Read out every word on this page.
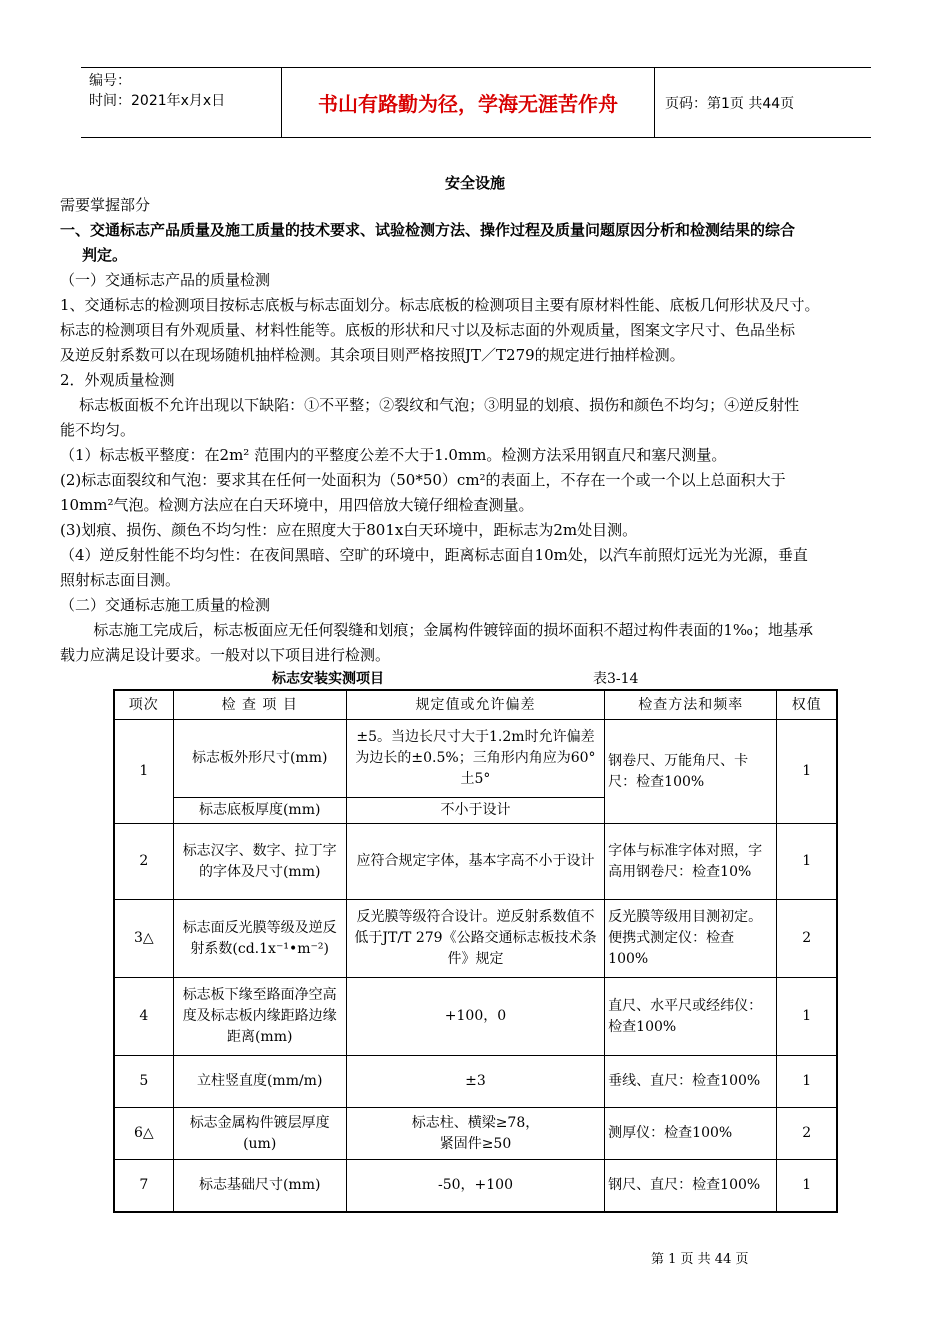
编号：
时间：2021年x月x日	书山有路勤为径，学海无涯苦作舟	页码：第1页 共44页
安全设施

需要掌握部分

一、交通标志产品质量及施工质量的技术要求、试验检测方法、操作过程及质量问题原因分析和检测结果的综合

判定。

（一）交通标志产品的质量检测

1、交通标志的检测项目按标志底板与标志面划分。标志底板的检测项目主要有原材料性能、底板几何形状及尺寸。

标志的检测项目有外观质量、材料性能等。底板的形状和尺寸以及标志面的外观质量，图案文字尺寸、色品坐标

及逆反射系数可以在现场随机抽样检测。其余项目则严格按照JT／T279的规定进行抽样检测。

2．外观质量检测

标志板面板不允许出现以下缺陷：①不平整；②裂纹和气泡；③明显的划痕、损伤和颜色不均匀；④逆反射性

能不均匀。

（1）标志板平整度：在2m² 范围内的平整度公差不大于1.0mm。检测方法采用钢直尺和塞尺测量。

(2)标志面裂纹和气泡：要求其在任何一处面积为（50*50）cm²的表面上，不存在一个或一个以上总面积大于

10mm²气泡。检测方法应在白天环境中，用四倍放大镜仔细检查测量。

(3)划痕、损伤、颜色不均匀性：应在照度大于801x白天环境中，距标志为2m处目测。

（4）逆反射性能不均匀性：在夜间黑暗、空旷的环境中，距离标志面自10m处，以汽车前照灯远光为光源，垂直

照射标志面目测。

（二）交通标志施工质量的检测

标志施工完成后，标志板面应无任何裂缝和划痕；金属构件镀锌面的损坏面积不超过构件表面的1‰；地基承

载力应满足设计要求。一般对以下项目进行检测。

标志安装实测项目	表3-14
项次	检 查 项 目	规定值或允许偏差	检查方法和频率	权值
1	标志板外形尺寸(mm)	±5。当边长尺寸大于1.2m时允许偏差为边长的±0.5%；三角形内角应为60° 土5°	钢卷尺、万能角尺、卡尺：检查100%	1
	标志底板厚度(mm)	不小于设计		
2	标志汉字、数字、拉丁字的字体及尺寸(mm)	应符合规定字体，基本字高不小于设计	字体与标准字体对照，字高用钢卷尺：检查10%	1
3△	标志面反光膜等级及逆反射系数(cd.1x⁻¹•m⁻²)	反光膜等级符合设计。逆反射系数值不低于JT/T 279《公路交通标志板技术条件》规定	反光膜等级用目测初定。便携式测定仪：检查100%	2
4	标志板下缘至路面净空高度及标志板内缘距路边缘距离(mm)	+100，0	直尺、水平尺或经纬仪：检查100%	1
5	立柱竖直度(mm/m)	±3	垂线、直尺：检查100%	1
6△	标志金属构件镀层厚度(um)	标志柱、横梁≥78，
紧固件≥50	测厚仪：检查100%	2
7	标志基础尺寸(mm)	-50，+100	钢尺、直尺：检查100%	1
第 1 页 共 44 页
